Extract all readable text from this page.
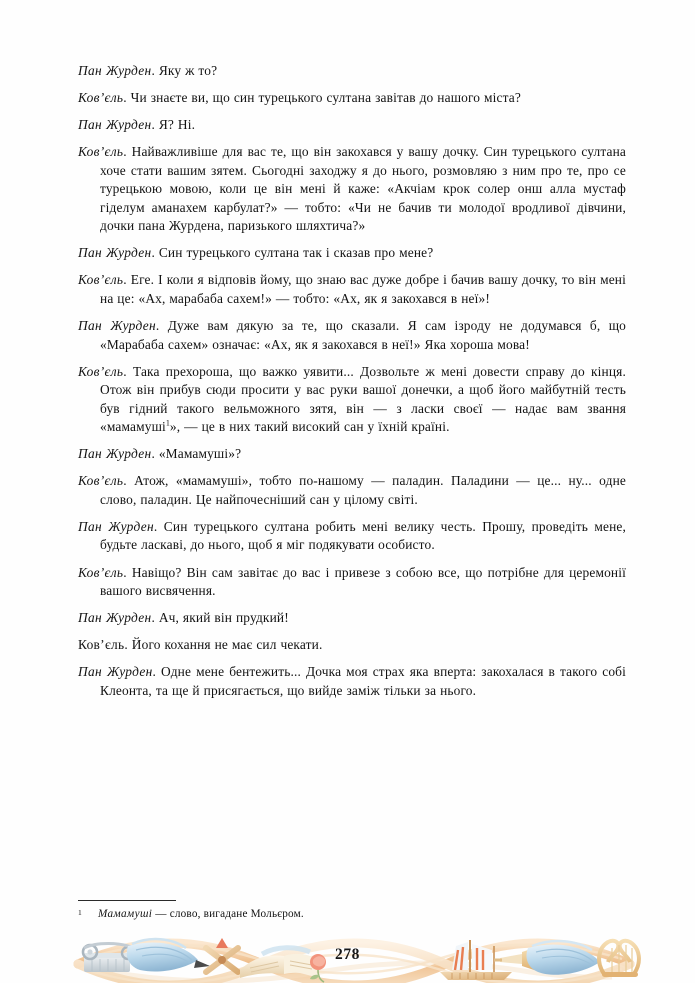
Пан Журден. Яку ж то?

Ков’єль. Чи знаєте ви, що син турецького султана завітав до нашого міста?

Пан Журден. Я? Ні.

Ков’єль. Найважливіше для вас те, що він закохався у вашу дочку. Син турецького султана хоче стати вашим зятем. Сьогодні заходжу я до нього, розмовляю з ним про те, про се турецькою мовою, коли це він мені й каже: «Акчіам крок солер онш алла мустаф гіделум аманахем карбулат?» — тобто: «Чи не бачив ти молодої вродливої дівчини, дочки пана Журдена, паризького шляхтича?»

Пан Журден. Син турецького султана так і сказав про мене?

Ков’єль. Еге. І коли я відповів йому, що знаю вас дуже добре і бачив вашу дочку, то він мені на це: «Ах, марабаба сахем!» — тобто: «Ах, як я закохався в неї»!

Пан Журден. Дуже вам дякую за те, що сказали. Я сам ізроду не додумався б, що «Марабаба сахем» означає: «Ах, як я закохався в неї!» Яка хороша мова!

Ков’єль. Така прехороша, що важко уявити... Дозвольте ж мені довести справу до кінця. Отож він прибув сюди просити у вас руки вашої донечки, а щоб його майбутній тесть був гідний такого вельможного зятя, він — з ласки своєї — надає вам звання «мамамуші$^1$», — це в них такий високий сан у їхній країні.

Пан Журден. «Мамамуші»?

Ков’єль. Атож, «мамамуші», тобто по-нашому — паладин. Паладини — це... ну... одне слово, паладин. Це найпочесніший сан у цілому світі.

Пан Журден. Син турецького султана робить мені велику честь. Прошу, проведіть мене, будьте ласкаві, до нього, щоб я міг подякувати особисто.

Ков’єль. Навіщо? Він сам завітає до вас і привезе з собою все, що потрібне для церемонії вашого висвячення.

Пан Журден. Ач, який він прудкий!

Ков’єль. Його кохання не має сил чекати.

Пан Журден. Одне мене бентежить... Дочка моя страх яка вперта: закохалася в такого собі Клеонта, та ще й присягається, що вийде заміж тільки за нього.

1 Мамамуші — слово, вигадане Мольєром.

278
